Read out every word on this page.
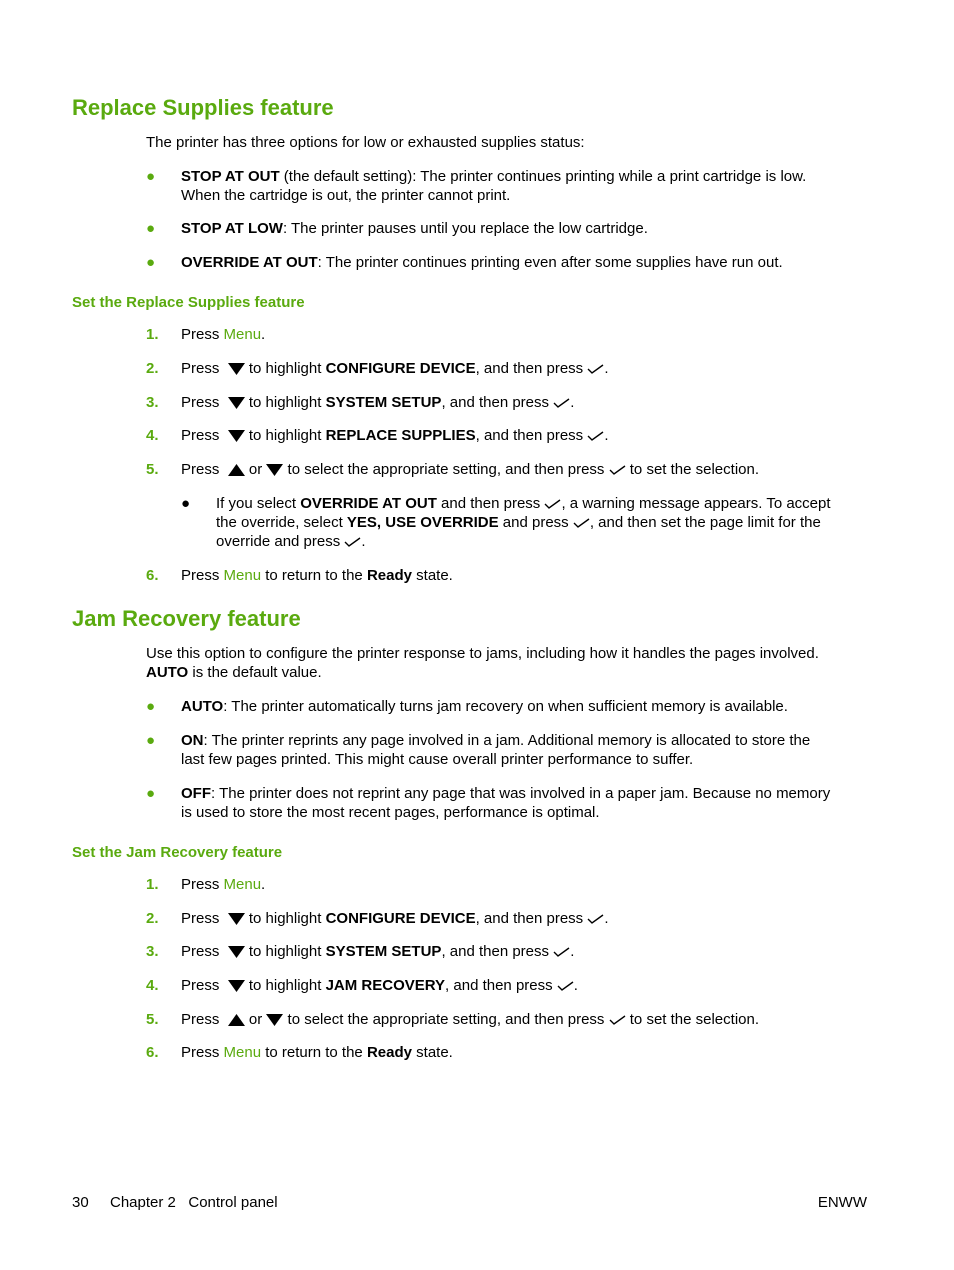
Replace Supplies feature
The printer has three options for low or exhausted supplies status:
● STOP AT OUT (the default setting): The printer continues printing while a print cartridge is low.
When the cartridge is out, the printer cannot print.
● STOP AT LOW: The printer pauses until you replace the low cartridge.
● OVERRIDE AT OUT: The printer continues printing even after some supplies have run out.
Set the Replace Supplies feature
1. Press Menu.
2. Press   to highlight CONFIGURE DEVICE, and then press .
3. Press   to highlight SYSTEM SETUP, and then press .
4. Press   to highlight REPLACE SUPPLIES, and then press .
5. Press   or  to select the appropriate setting, and then press  to set the selection.
● If you select OVERRIDE AT OUT and then press , a warning message appears. To accept
the override, select YES, USE OVERRIDE and press , and then set the page limit for the
override and press .
6. Press Menu to return to the Ready state.
Jam Recovery feature
Use this option to configure the printer response to jams, including how it handles the pages involved.
AUTO is the default value.
● AUTO: The printer automatically turns jam recovery on when sufficient memory is available.
● ON: The printer reprints any page involved in a jam. Additional memory is allocated to store the
last few pages printed. This might cause overall printer performance to suffer.
● OFF: The printer does not reprint any page that was involved in a paper jam. Because no memory
is used to store the most recent pages, performance is optimal.
Set the Jam Recovery feature
1. Press Menu.
2. Press   to highlight CONFIGURE DEVICE, and then press .
3. Press   to highlight SYSTEM SETUP, and then press .
4. Press   to highlight JAM RECOVERY, and then press .
5. Press   or  to select the appropriate setting, and then press  to set the selection.
6. Press Menu to return to the Ready state.
30 Chapter 2   Control panel	ENWW
